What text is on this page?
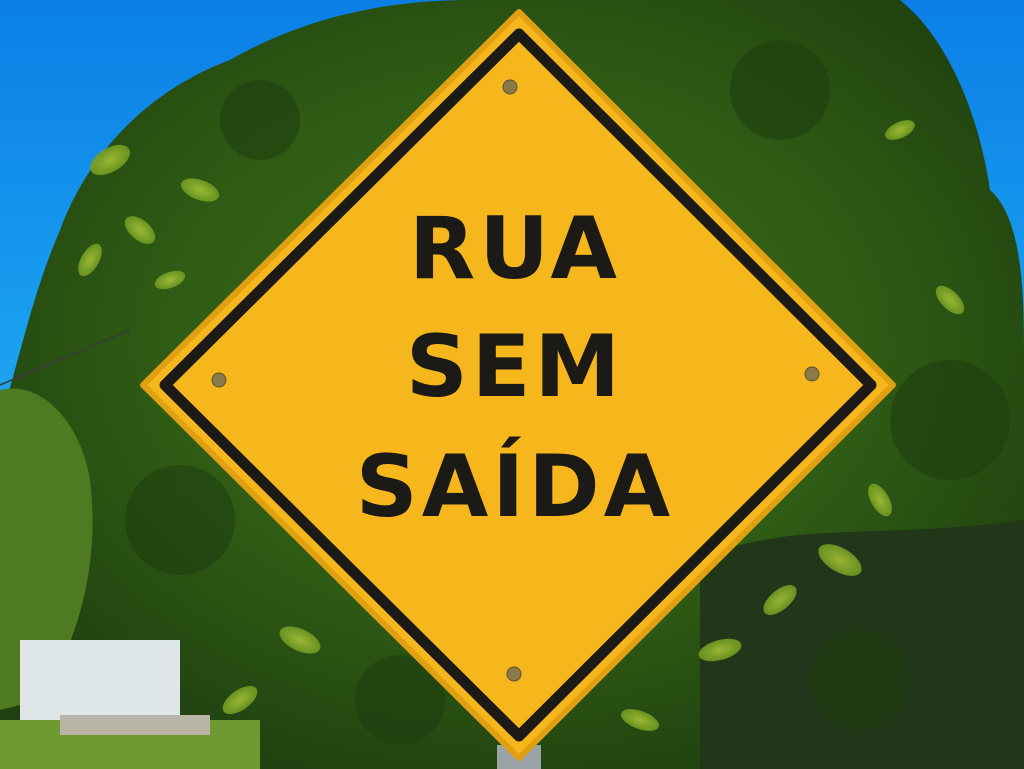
RUA
SEM
SAÍDA
